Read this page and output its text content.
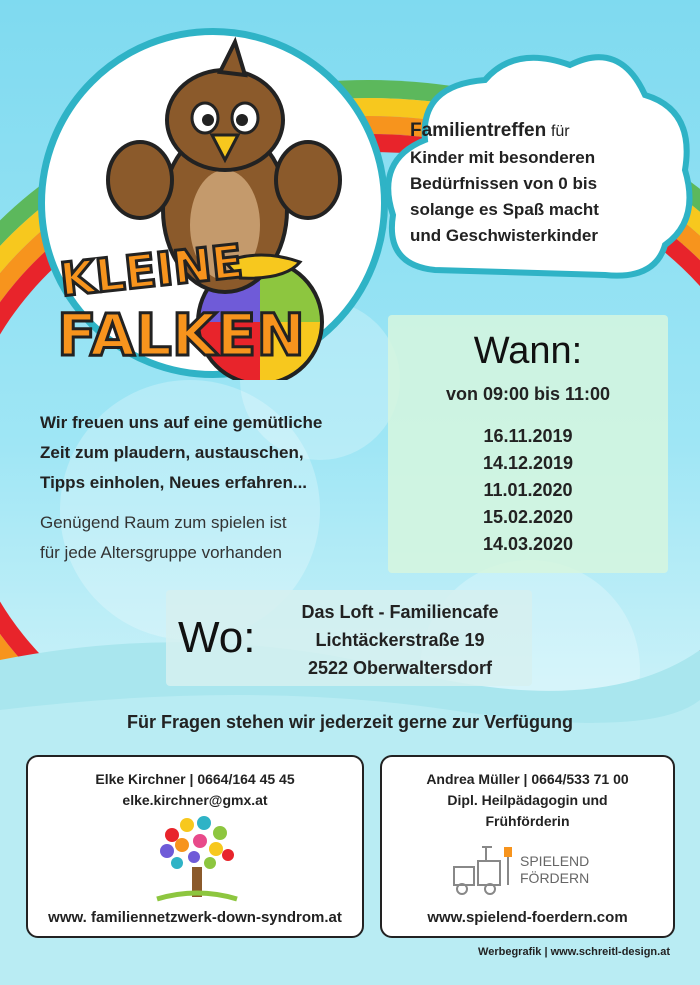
KLEINE
FALKEN
Familientreffen für
Kinder mit besonderen
Bedürfnissen von 0 bis
solange es Spaß macht
und Geschwisterkinder
Wann:
von 09:00 bis 11:00
16.11.2019
14.12.2019
11.01.2020
15.02.2020
14.03.2020
Wir freuen uns auf eine gemütliche
Zeit zum plaudern, austauschen,
Tipps einholen, Neues erfahren...
Genügend Raum zum spielen ist
für jede Altersgruppe vorhanden
Wo:
Das Loft - Familiencafe
Lichtäckerstraße 19
2522 Oberwaltersdorf
Für Fragen stehen wir jederzeit gerne zur Verfügung
Elke Kirchner | 0664/164 45 45
elke.kirchner@gmx.at
www. familiennetzwerk-down-syndrom.at
Andrea Müller | 0664/533 71 00
Dipl. Heilpädagogin und
Frühförderin
SPIELEND
FÖRDERN
www.spielend-foerdern.com
Werbegrafik | www.schreitl-design.at
